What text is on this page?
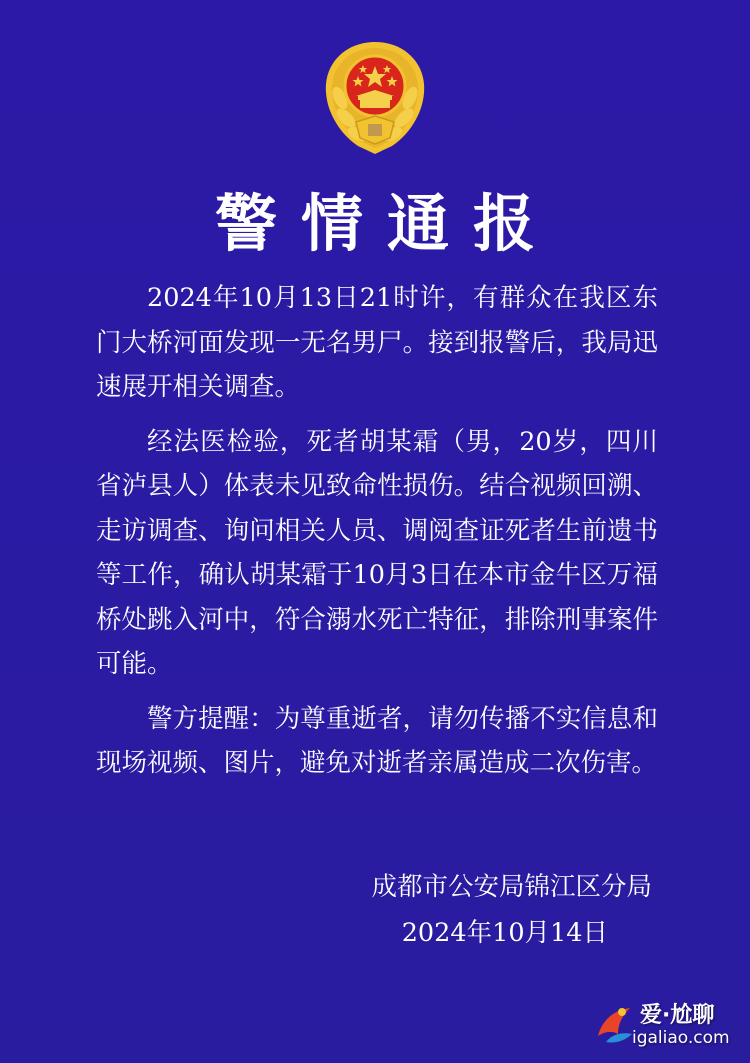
警情通报

2024年10月13日21时许，有群众在我区东门大桥河面发现一无名男尸。接到报警后，我局迅速展开相关调查。

经法医检验，死者胡某霜（男，20岁，四川省泸县人）体表未见致命性损伤。结合视频回溯、走访调查、询问相关人员、调阅查证死者生前遗书等工作，确认胡某霜于10月3日在本市金牛区万福桥处跳入河中，符合溺水死亡特征，排除刑事案件可能。

警方提醒：为尊重逝者，请勿传播不实信息和现场视频、图片，避免对逝者亲属造成二次伤害。

成都市公安局锦江区分局
2024年10月14日
爱·尬聊
igaliao.com
